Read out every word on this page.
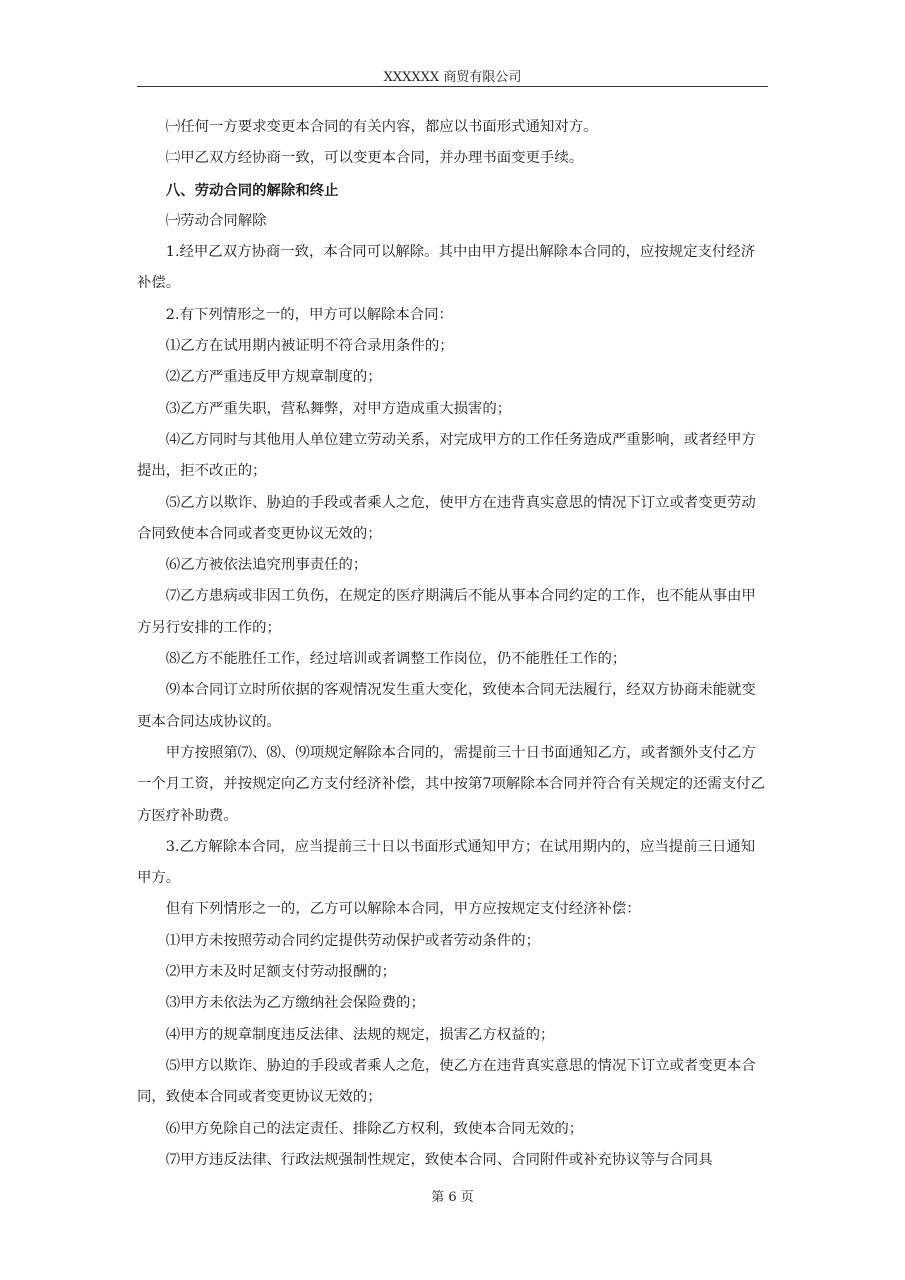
XXXXXX 商贸有限公司

㈠任何一方要求变更本合同的有关内容，都应以书面形式通知对方。

㈡甲乙双方经协商一致，可以变更本合同，并办理书面变更手续。

八、劳动合同的解除和终止

㈠劳动合同解除

1.经甲乙双方协商一致，本合同可以解除。其中由甲方提出解除本合同的，应按规定支付经济补偿。

2.有下列情形之一的，甲方可以解除本合同：

⑴乙方在试用期内被证明不符合录用条件的；

⑵乙方严重违反甲方规章制度的；

⑶乙方严重失职，营私舞弊，对甲方造成重大损害的；

⑷乙方同时与其他用人单位建立劳动关系，对完成甲方的工作任务造成严重影响，或者经甲方提出，拒不改正的；

⑸乙方以欺诈、胁迫的手段或者乘人之危，使甲方在违背真实意思的情况下订立或者变更劳动合同致使本合同或者变更协议无效的；

⑹乙方被依法追究刑事责任的；

⑺乙方患病或非因工负伤，在规定的医疗期满后不能从事本合同约定的工作，也不能从事由甲方另行安排的工作的；

⑻乙方不能胜任工作，经过培训或者调整工作岗位，仍不能胜任工作的；

⑼本合同订立时所依据的客观情况发生重大变化，致使本合同无法履行，经双方协商未能就变更本合同达成协议的。

甲方按照第⑺、⑻、⑼项规定解除本合同的，需提前三十日书面通知乙方，或者额外支付乙方一个月工资，并按规定向乙方支付经济补偿，其中按第7项解除本合同并符合有关规定的还需支付乙方医疗补助费。

3.乙方解除本合同，应当提前三十日以书面形式通知甲方；在试用期内的，应当提前三日通知甲方。

但有下列情形之一的，乙方可以解除本合同，甲方应按规定支付经济补偿：

⑴甲方未按照劳动合同约定提供劳动保护或者劳动条件的；

⑵甲方未及时足额支付劳动报酬的；

⑶甲方未依法为乙方缴纳社会保险费的；

⑷甲方的规章制度违反法律、法规的规定，损害乙方权益的；

⑸甲方以欺诈、胁迫的手段或者乘人之危，使乙方在违背真实意思的情况下订立或者变更本合同，致使本合同或者变更协议无效的；

⑹甲方免除自己的法定责任、排除乙方权利，致使本合同无效的；

⑺甲方违反法律、行政法规强制性规定，致使本合同、合同附件或补充协议等与合同具

第 6 页
